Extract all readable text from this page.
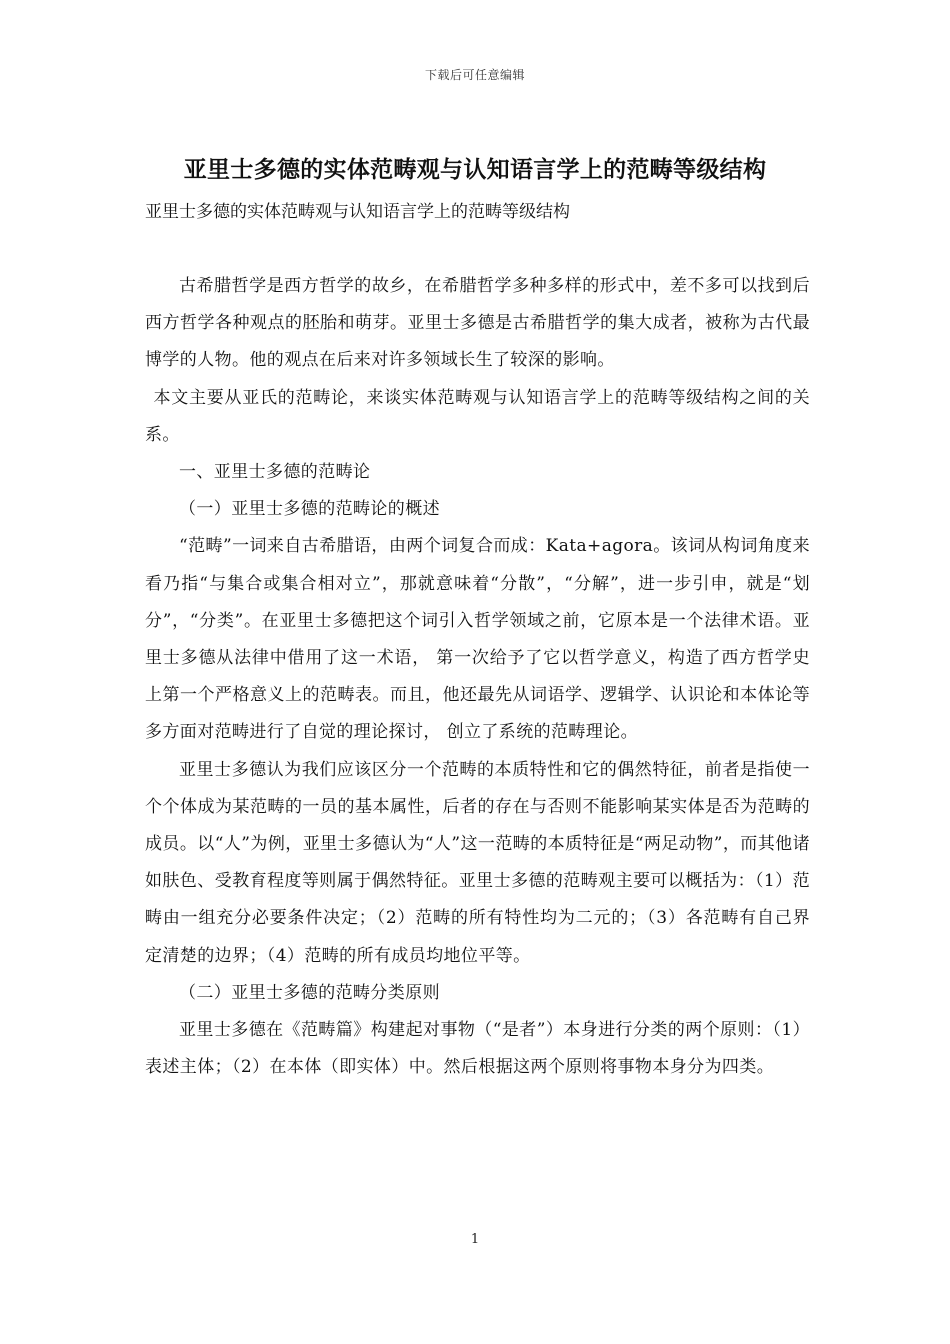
下载后可任意编辑
亚里士多德的实体范畴观与认知语言学上的范畴等级结构
亚里士多德的实体范畴观与认知语言学上的范畴等级结构

古希腊哲学是西方哲学的故乡，在希腊哲学多种多样的形式中，差不多可以找到后西方哲学各种观点的胚胎和萌芽。亚里士多德是古希腊哲学的集大成者，被称为古代最博学的人物。他的观点在后来对许多领域长生了较深的影响。

本文主要从亚氏的范畴论，来谈实体范畴观与认知语言学上的范畴等级结构之间的关系。

一、亚里士多德的范畴论

（一）亚里士多德的范畴论的概述

“范畴”一词来自古希腊语，由两个词复合而成：Kata+agora。该词从构词角度来看乃指“与集合或集合相对立”，那就意味着“分散”，“分解”，进一步引申，就是“划分”，“分类”。在亚里士多德把这个词引入哲学领域之前，它原本是一个法律术语。亚里士多德从法律中借用了这一术语， 第一次给予了它以哲学意义，构造了西方哲学史上第一个严格意义上的范畴表。而且，他还最先从词语学、逻辑学、认识论和本体论等多方面对范畴进行了自觉的理论探讨， 创立了系统的范畴理论。

亚里士多德认为我们应该区分一个范畴的本质特性和它的偶然特征，前者是指使一个个体成为某范畴的一员的基本属性，后者的存在与否则不能影响某实体是否为范畴的成员。以“人”为例，亚里士多德认为“人”这一范畴的本质特征是“两足动物”，而其他诸如肤色、受教育程度等则属于偶然特征。亚里士多德的范畴观主要可以概括为：（1）范畴由一组充分必要条件决定；（2）范畴的所有特性均为二元的；（3）各范畴有自己界定清楚的边界；（4）范畴的所有成员均地位平等。

（二）亚里士多德的范畴分类原则

亚里士多德在《范畴篇》构建起对事物（“是者”）本身进行分类的两个原则：（1）表述主体；（2）在本体（即实体）中。然后根据这两个原则将事物本身分为四类。

1
